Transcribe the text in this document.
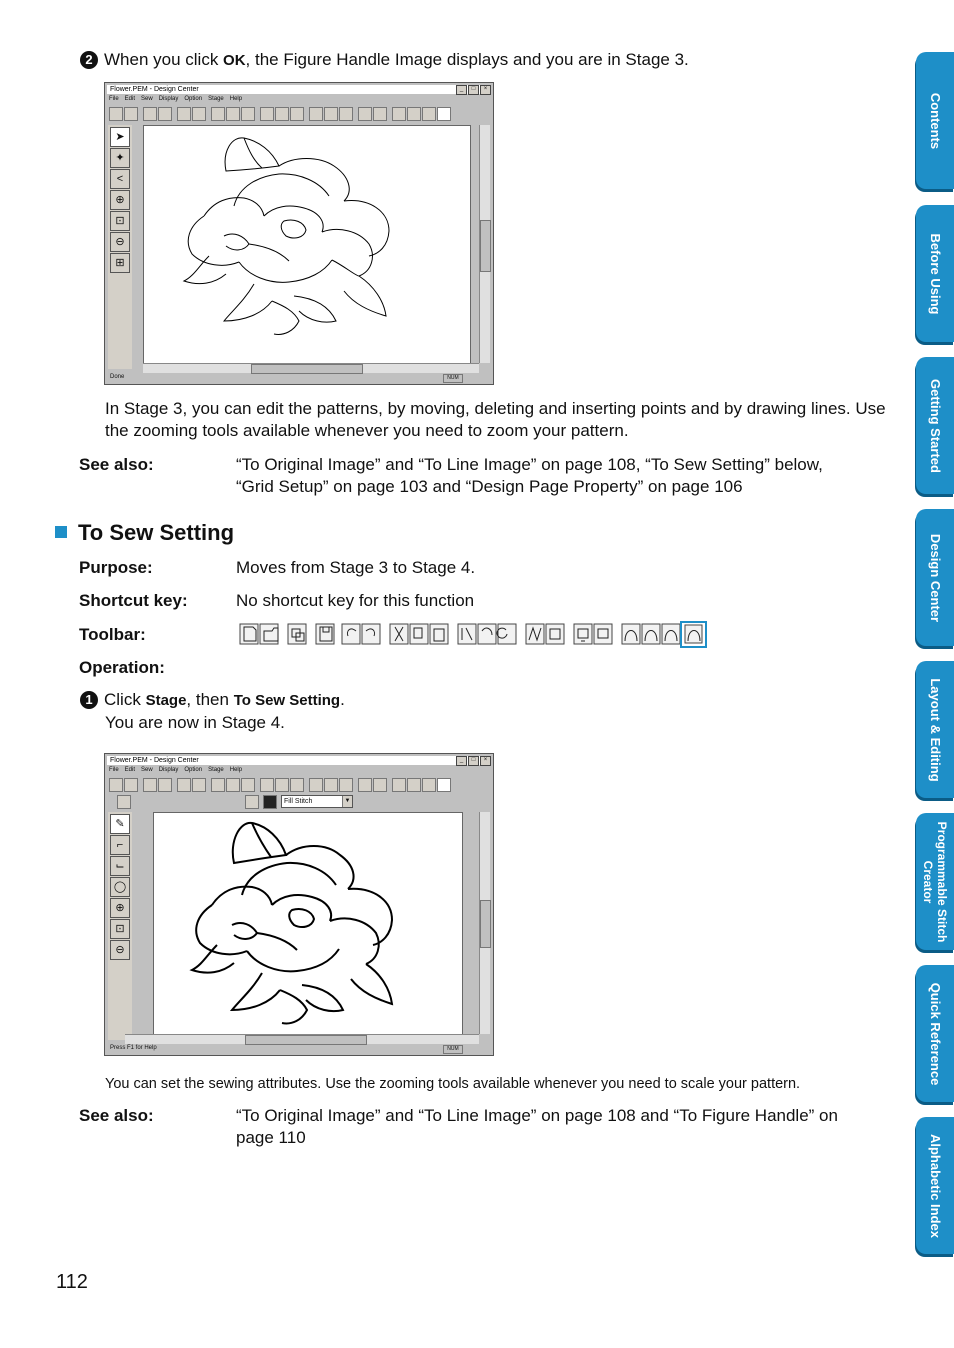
2 When you click OK, the Figure Handle Image displays and you are in Stage 3.
Flower.PEM - Design Center	_	□	×
File Edit Sew Display Option Stage Help
➤
✦
<
⊕
⊡
⊖
⊞
Done	NUM
In Stage 3, you can edit the patterns, by moving, deleting and inserting points and by drawing lines. Use the zooming tools available whenever you need to zoom your pattern.
See also:	“To Original Image” and “To Line Image” on page 108, “To Sew Setting” below,
“Grid Setup” on page 103 and “Design Page Property” on page 106
To Sew Setting
Purpose:	Moves from Stage 3 to Stage 4.
Shortcut key:	No shortcut key for this function
Toolbar:
Operation:
1 Click Stage, then To Sew Setting.
You are now in Stage 4.
Flower.PEM - Design Center	_	□	×
File Edit Sew Display Option Stage Help
Fill Stitch	▼
✎
⌐
⌙
◯
⊕
⊡
⊖
Press F1 for Help	NUM
You can set the sewing attributes. Use the zooming tools available whenever you need to scale your pattern.
See also:	“To Original Image” and “To Line Image” on page 108 and “To Figure Handle” on
page 110
112
Contents
Before Using
Getting Started
Design Center
Layout & Editing
Programmable Stitch Creator
Quick Reference
Alphabetic Index
